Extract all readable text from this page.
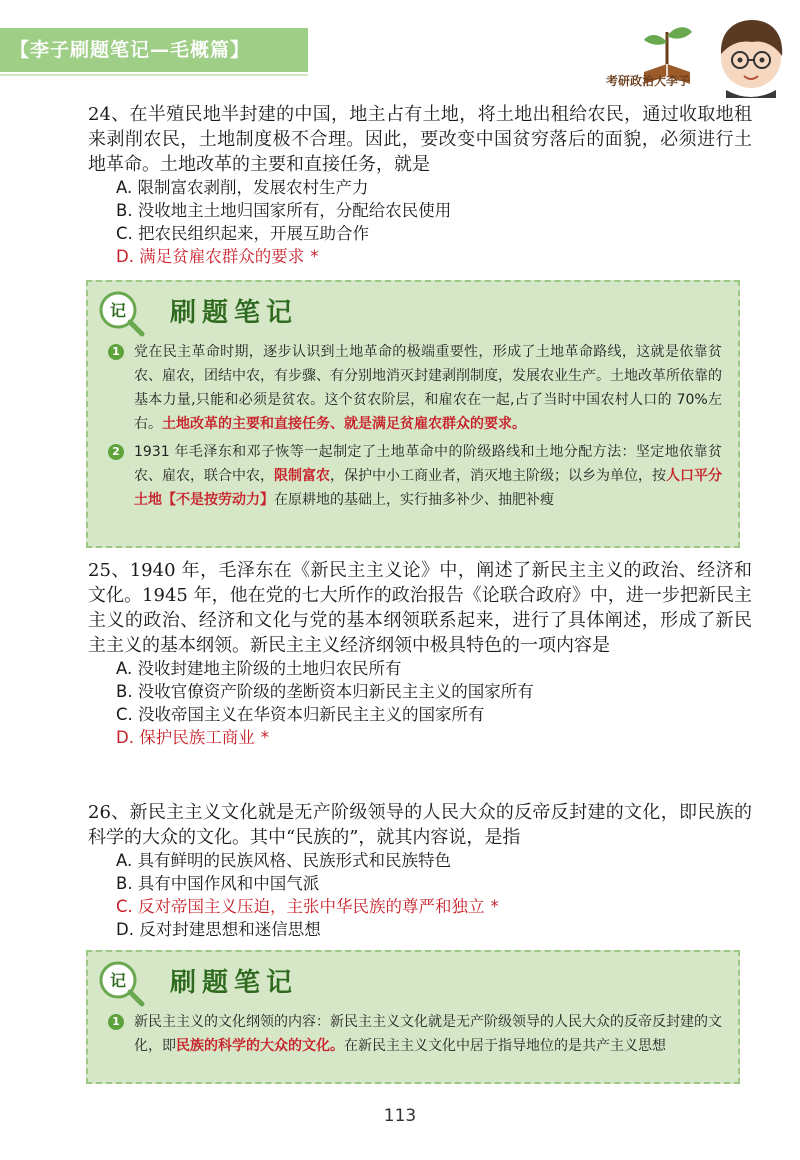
【李子刷题笔记—毛概篇】
考研政治大李子
24、在半殖民地半封建的中国，地主占有土地，将土地出租给农民，通过收取地租来剥削农民，土地制度极不合理。因此，要改变中国贫穷落后的面貌，必须进行土地革命。土地改革的主要和直接任务，就是
A. 限制富农剥削，发展农村生产力
B. 没收地主土地归国家所有，分配给农民使用
C. 把农民组织起来，开展互助合作
D. 满足贫雇农群众的要求 *
记 刷题笔记
1 党在民主革命时期，逐步认识到土地革命的极端重要性，形成了土地革命路线，这就是依靠贫农、雇农，团结中农，有步骤、有分别地消灭封建剥削制度，发展农业生产。土地改革所依靠的基本力量,只能和必须是贫农。这个贫农阶层，和雇农在一起,占了当时中国农村人口的 70%左右。土地改革的主要和直接任务、就是满足贫雇农群众的要求。
2 1931 年毛泽东和邓子恢等一起制定了土地革命中的阶级路线和土地分配方法：坚定地依靠贫农、雇农，联合中农，限制富农，保护中小工商业者，消灭地主阶级；以乡为单位，按人口平分土地【不是按劳动力】在原耕地的基础上，实行抽多补少、抽肥补瘦
25、1940 年，毛泽东在《新民主主义论》中，阐述了新民主主义的政治、经济和文化。1945 年，他在党的七大所作的政治报告《论联合政府》中，进一步把新民主主义的政治、经济和文化与党的基本纲领联系起来，进行了具体阐述，形成了新民主主义的基本纲领。新民主主义经济纲领中极具特色的一项内容是
A. 没收封建地主阶级的土地归农民所有
B. 没收官僚资产阶级的垄断资本归新民主主义的国家所有
C. 没收帝国主义在华资本归新民主主义的国家所有
D. 保护民族工商业 *
26、新民主主义文化就是无产阶级领导的人民大众的反帝反封建的文化，即民族的科学的大众的文化。其中“民族的”，就其内容说，是指
A. 具有鲜明的民族风格、民族形式和民族特色
B. 具有中国作风和中国气派
C. 反对帝国主义压迫，主张中华民族的尊严和独立 *
D. 反对封建思想和迷信思想
记 刷题笔记
1 新民主主义的文化纲领的内容：新民主主义文化就是无产阶级领导的人民大众的反帝反封建的文化，即民族的科学的大众的文化。在新民主主义文化中居于指导地位的是共产主义思想
113
